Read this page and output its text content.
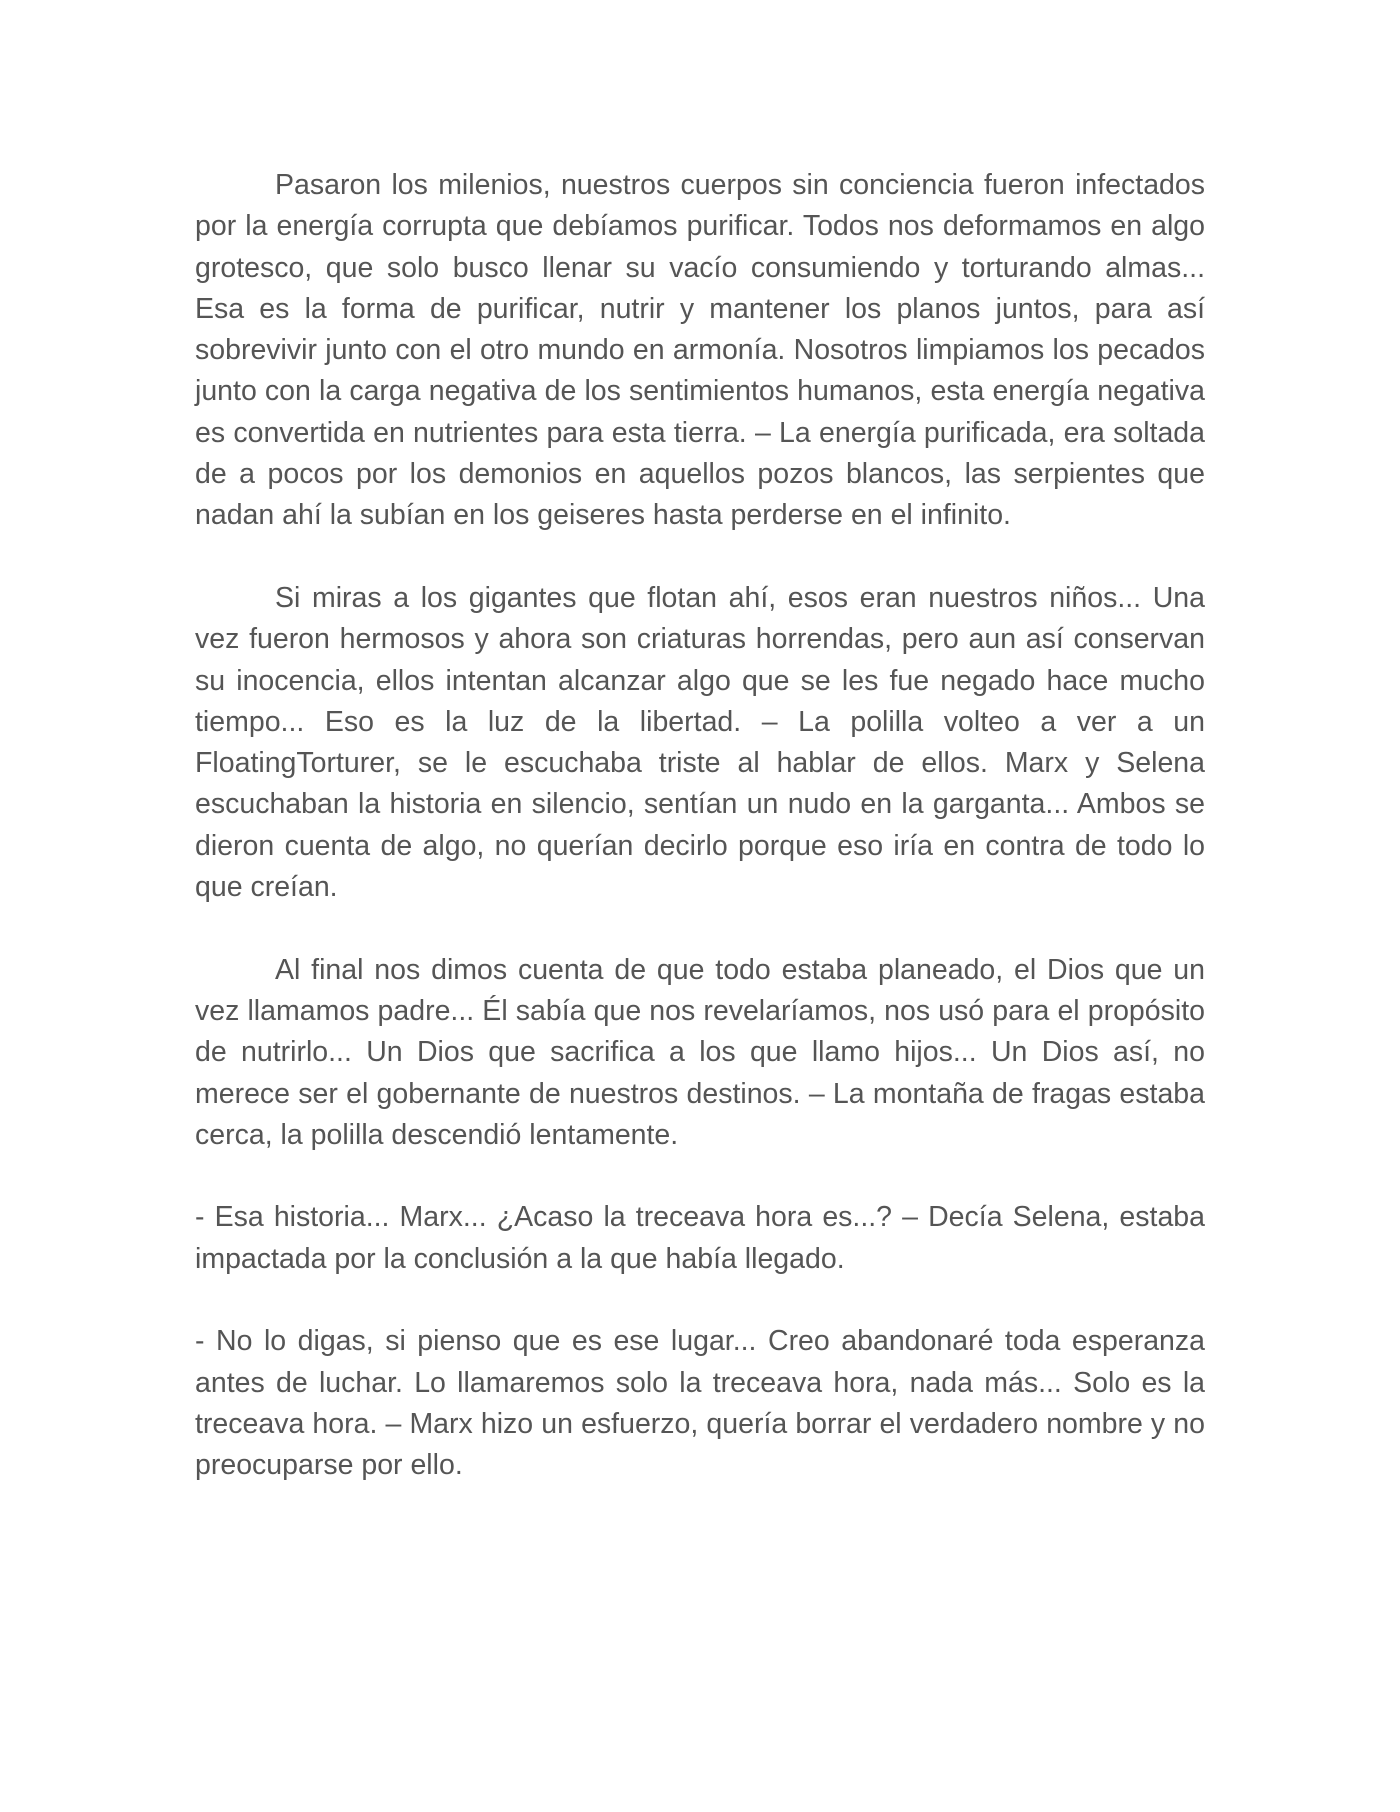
Pasaron los milenios, nuestros cuerpos sin conciencia fueron infectados por la energía corrupta que debíamos purificar. Todos nos deformamos en algo grotesco, que solo busco llenar su vacío consumiendo y torturando almas... Esa es la forma de purificar, nutrir y mantener los planos juntos, para así sobrevivir junto con el otro mundo en armonía. Nosotros limpiamos los pecados junto con la carga negativa de los sentimientos humanos, esta energía negativa es convertida en nutrientes para esta tierra. – La energía purificada, era soltada de a pocos por los demonios en aquellos pozos blancos, las serpientes que nadan ahí la subían en los geiseres hasta perderse en el infinito.

Si miras a los gigantes que flotan ahí, esos eran nuestros niños... Una vez fueron hermosos y ahora son criaturas horrendas, pero aun así conservan su inocencia, ellos intentan alcanzar algo que se les fue negado hace mucho tiempo... Eso es la luz de la libertad. – La polilla volteo a ver a un FloatingTorturer, se le escuchaba triste al hablar de ellos. Marx y Selena escuchaban la historia en silencio, sentían un nudo en la garganta... Ambos se dieron cuenta de algo, no querían decirlo porque eso iría en contra de todo lo que creían.

Al final nos dimos cuenta de que todo estaba planeado, el Dios que un vez llamamos padre... Él sabía que nos revelaríamos, nos usó para el propósito de nutrirlo... Un Dios que sacrifica a los que llamo hijos... Un Dios así, no merece ser el gobernante de nuestros destinos. – La montaña de fragas estaba cerca, la polilla descendió lentamente.

- Esa historia... Marx... ¿Acaso la treceava hora es...? – Decía Selena, estaba impactada por la conclusión a la que había llegado.

- No lo digas, si pienso que es ese lugar... Creo abandonaré toda esperanza antes de luchar. Lo llamaremos solo la treceava hora, nada más... Solo es la treceava hora. – Marx hizo un esfuerzo, quería borrar el verdadero nombre y no preocuparse por ello.
